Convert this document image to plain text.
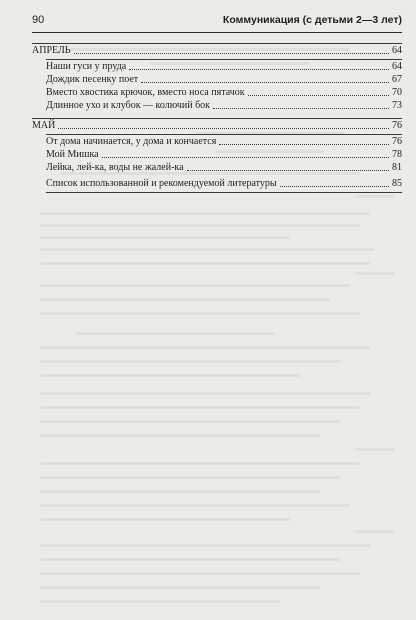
90	Коммуникация (с детьми 2—3 лет)
АПРЕЛЬ	64
Наши гуси у пруда	64
Дождик песенку поет	67
Вместо хвостика крючок, вместо носа пятачок	70
Длинное ухо и клубок — колючий бок	73
МАЙ	76
От дома начинается, у дома и кончается	76
Мой Мишка	78
Лейка, лей-ка, воды не жалей-ка	81
Список использованной и рекомендуемой литературы	85
